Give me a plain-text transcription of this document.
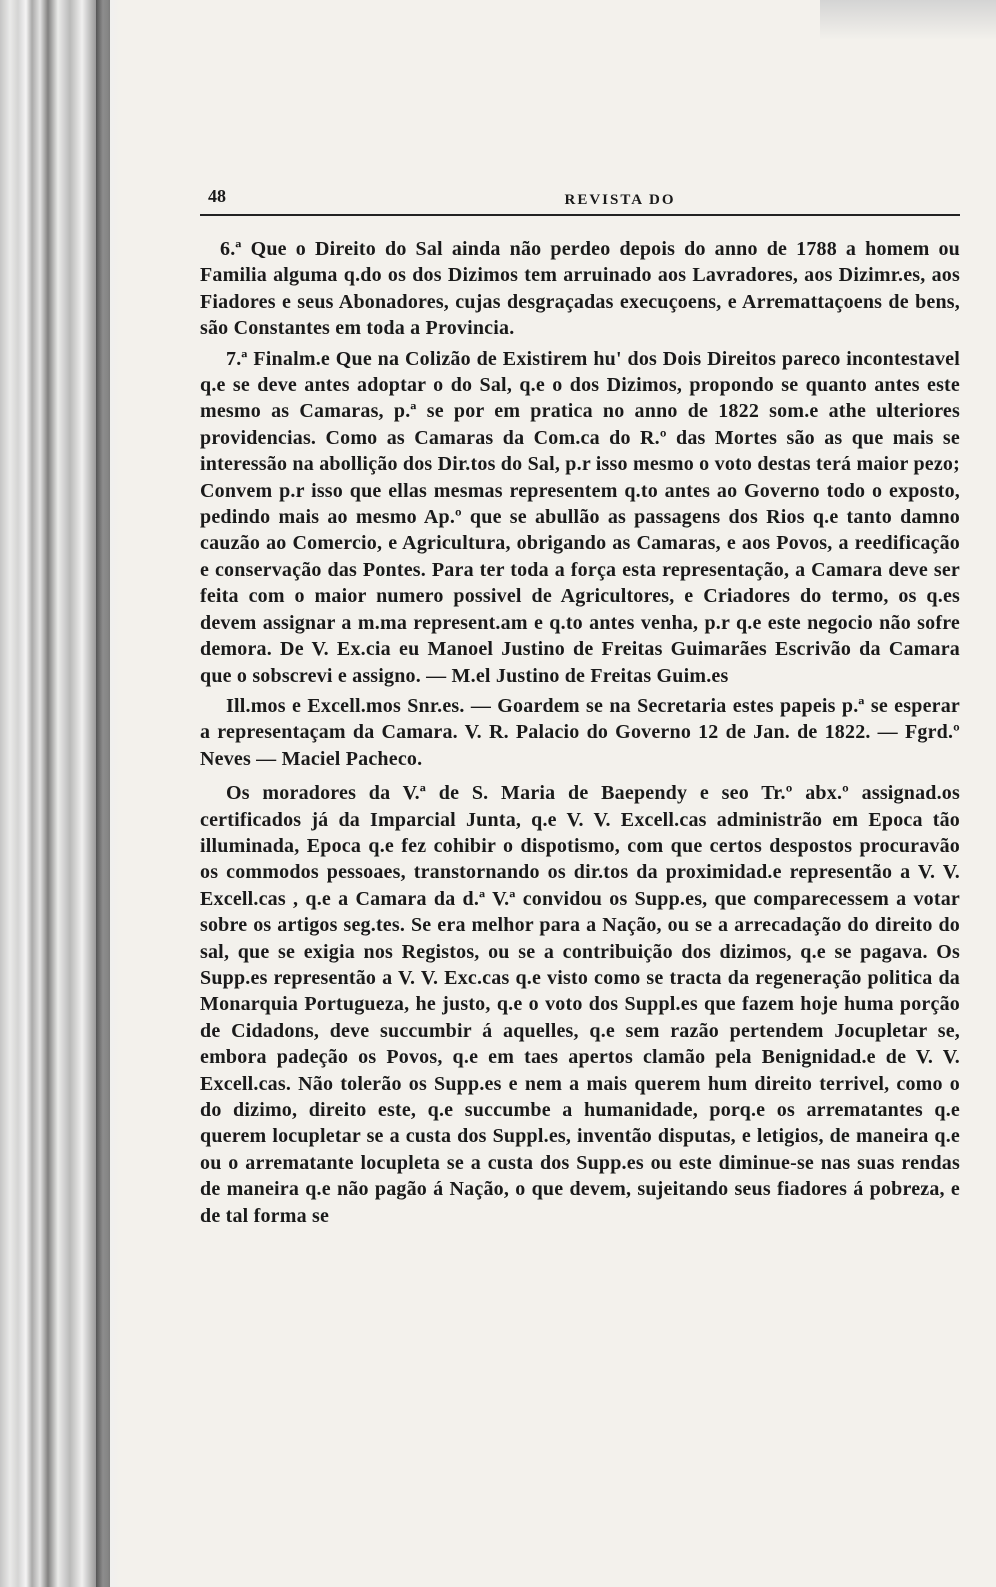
48	REVISTA DO

6.ª Que o Direito do Sal ainda não perdeo depois do anno de 1788 a homem ou Familia alguma q.do os dos Dizimos tem arruinado aos Lavradores, aos Dizimr.es, aos Fiadores e seus Abonadores, cujas desgraçadas execuçoens, e Arremattaçoens de bens, são Constantes em toda a Provincia.

7.ª Finalm.e Que na Colizão de Existirem hu' dos Dois Direitos pareco incontestavel q.e se deve antes adoptar o do Sal, q.e o dos Dizimos, propondo se quanto antes este mesmo as Camaras, p.ª se por em pratica no anno de 1822 som.e athe ulteriores providencias. Como as Camaras da Com.ca do R.º das Mortes são as que mais se interessão na abollição dos Dir.tos do Sal, p.r isso mesmo o voto destas terá maior pezo; Convem p.r isso que ellas mesmas representem q.to antes ao Governo todo o exposto, pedindo mais ao mesmo Ap.º que se abullão as passagens dos Rios q.e tanto damno cauzão ao Comercio, e Agricultura, obrigando as Camaras, e aos Povos, a reedificação e conservação das Pontes. Para ter toda a força esta representação, a Camara deve ser feita com o maior numero possivel de Agricultores, e Criadores do termo, os q.es devem assignar a m.ma represent.am e q.to antes venha, p.r q.e este negocio não sofre demora. De V. Ex.cia eu Manoel Justino de Freitas Guimarães Escrivão da Camara que o sobscrevi e assigno. — M.el Justino de Freitas Guim.es

Ill.mos e Excell.mos Snr.es. — Goardem se na Secretaria estes papeis p.ª se esperar a representaçam da Camara. V. R. Palacio do Governo 12 de Jan. de 1822. — Fgrd.º Neves — Maciel Pacheco.

Os moradores da V.ª de S. Maria de Baependy e seo Tr.º abx.º assignad.os certificados já da Imparcial Junta, q.e V. V. Excell.cas administrão em Epoca tão illuminada, Epoca q.e fez cohibir o dispotismo, com que certos despostos procuravão os commodos pessoaes, transtornando os dir.tos da proximidad.e representão a V. V. Excell.cas , q.e a Camara da d.ª V.ª convidou os Supp.es, que comparecessem a votar sobre os artigos seg.tes. Se era melhor para a Nação, ou se a arrecadação do direito do sal, que se exigia nos Registos, ou se a contribuição dos dizimos, q.e se pagava. Os Supp.es representão a V. V. Exc.cas q.e visto como se tracta da regeneração politica da Monarquia Portugueza, he justo, q.e o voto dos Suppl.es que fazem hoje huma porção de Cidadons, deve succumbir á aquelles, q.e sem razão pertendem Jocupletar se, embora padeção os Povos, q.e em taes apertos clamão pela Benignidad.e de V. V. Excell.cas. Não tolerão os Supp.es e nem a mais querem hum direito terrivel, como o do dizimo, direito este, q.e succumbe a humanidade, porq.e os arrematantes q.e querem locupletar se a custa dos Suppl.es, inventão disputas, e letigios, de maneira q.e ou o arrematante locupleta se a custa dos Supp.es ou este diminue-se nas suas rendas de maneira q.e não pagão á Nação, o que devem, sujeitando seus fiadores á pobreza, e de tal forma se
